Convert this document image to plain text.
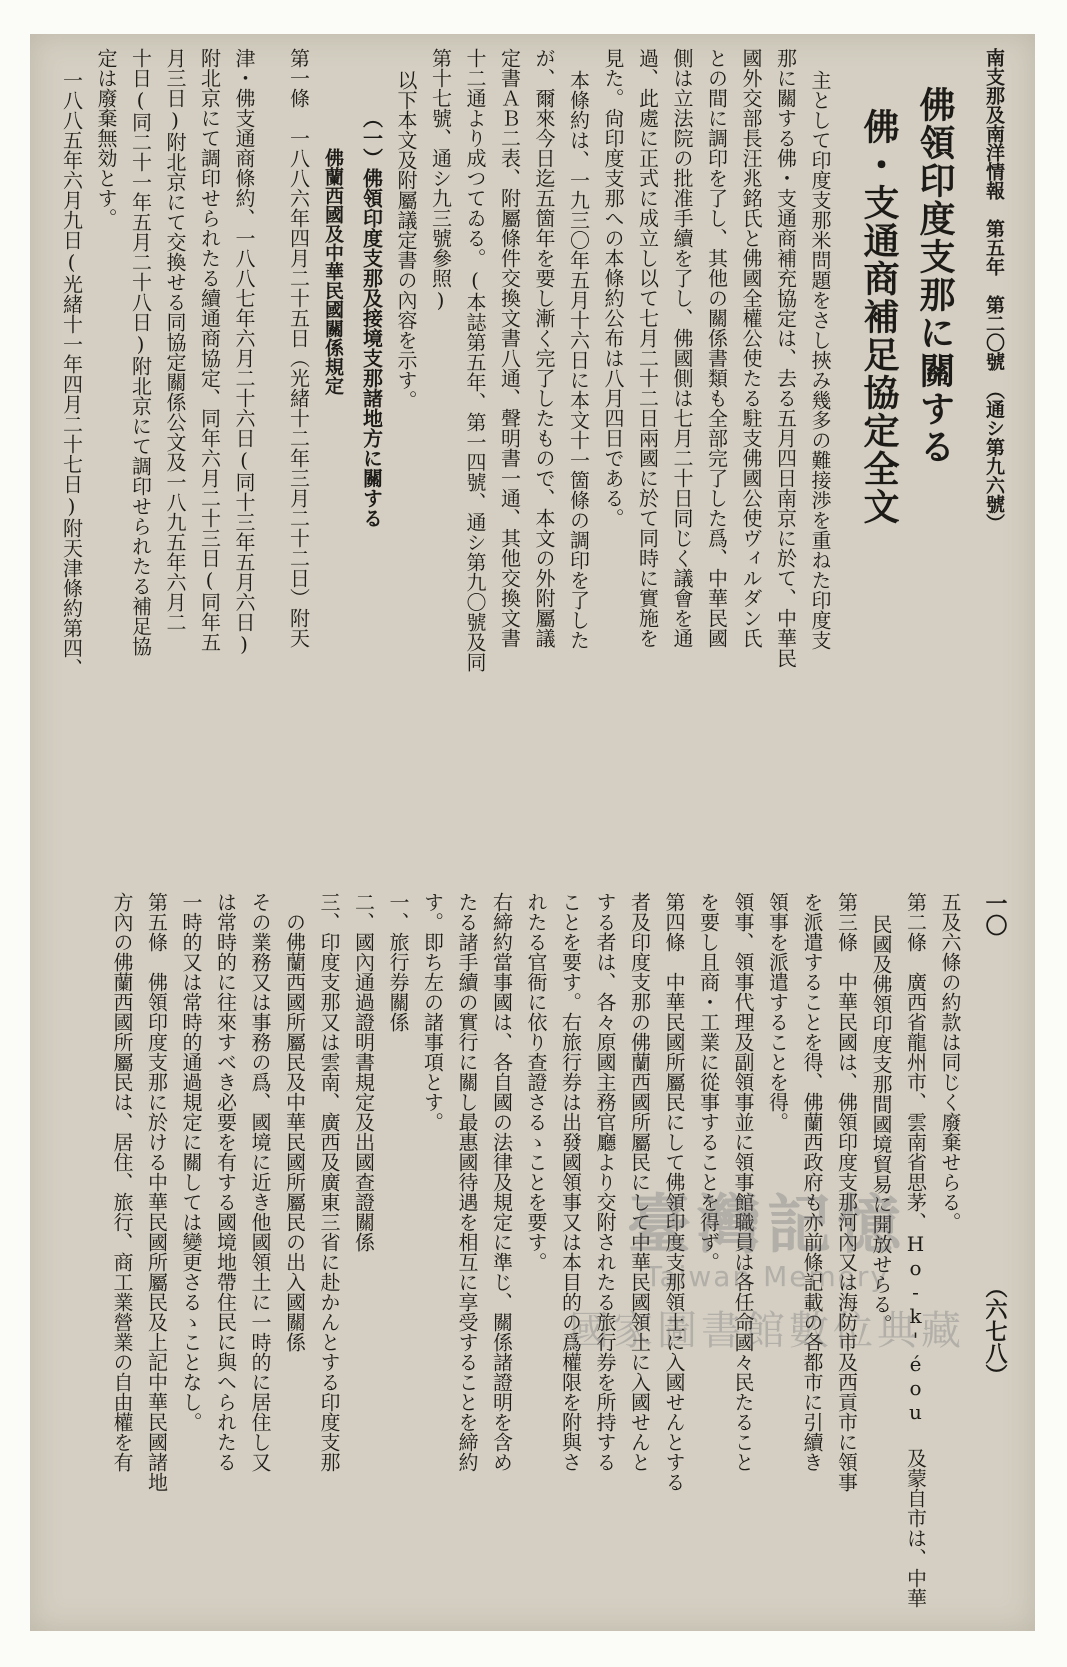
南支那及南洋情報　第五年　第二〇號　（通シ第九六號）

佛領印度支那に關する

佛・支通商補足協定全文

主として印度支那米問題をさし挾み幾多の難接渉を重ねた印度支

那に關する佛・支通商補充協定は、去る五月四日南京に於て、中華民

國外交部長汪兆銘氏と佛國全權公使たる駐支佛國公使ヴィルダン氏

との間に調印を了し、其他の關係書類も全部完了した爲、中華民國

側は立法院の批准手續を了し、佛國側は七月二十日同じく議會を通

過、此處に正式に成立し以て七月二十二日兩國に於て同時に實施を

見た。尙印度支那への本條約公布は八月四日である。

本條約は、一九三〇年五月十六日に本文十一箇條の調印を了した

が、爾來今日迄五箇年を要し漸く完了したもので、本文の外附屬議

定書ＡＢ二表、附屬條件交換文書八通、聲明書一通、其他交換文書

十二通より成つてゐる。(本誌第五年、第一四號、通シ第九〇號及同

第十七號、通シ九三號參照)

以下本文及附屬議定書の內容を示す。

（一）佛領印度支那及接境支那諸地方に關する

佛蘭西國及中華民國關係規定

第一條　一八八六年四月二十五日（光緒十二年三月二十二日）附天

津・佛支通商條約、一八八七年六月二十六日(同十三年五月六日)

附北京にて調印せられたる續通商協定、同年六月二十三日(同年五

月三日)附北京にて交換せる同協定關係公文及一八九五年六月二

十日(同二十一年五月二十八日)附北京にて調印せられたる補足協

定は廢棄無効とす。

一八八五年六月九日(光緒十一年四月二十七日)附天津條約第四、

一〇（六七八）

五及六條の約款は同じく廢棄せらる。

第二條　廣西省龍州市、雲南省思茅、Ho-k'éou 及蒙自市は、中華

民國及佛領印度支那間國境貿易に開放せらる。

第三條　中華民國は、佛領印度支那河內又は海防市及西貢市に領事

を派遣することを得、佛蘭西政府も亦前條記載の各都市に引續き

領事を派遣することを得。

領事、領事代理及副領事並に領事館職員は各任命國々民たること

を要し且商・工業に從事することを得ず。

第四條　中華民國所屬民にして佛領印度支那領土に入國せんとする

者及印度支那の佛蘭西國所屬民にして中華民國領土に入國せんと

する者は、各々原國主務官廳より交附されたる旅行券を所持する

ことを要す。右旅行券は出發國領事又は本目的の爲權限を附與さ

れたる官衙に依り查證さるゝことを要す。

右締約當事國は、各自國の法律及規定に準じ、關係諸證明を含め

たる諸手續の實行に關し最惠國待遇を相互に享受することを締約

す。即ち左の諸事項とす。

一、旅行券關係

二、國內通過證明書規定及出國查證關係

三、印度支那又は雲南、廣西及廣東三省に赴かんとする印度支那

　の佛蘭西國所屬民及中華民國所屬民の出入國關係

その業務又は事務の爲、國境に近き他國領土に一時的に居住し又

は常時的に往來すべき必要を有する國境地帶住民に與へられたる

一時的又は常時的通過規定に關しては變更さるゝことなし。

第五條　佛領印度支那に於ける中華民國所屬民及上記中華民國諸地

方內の佛蘭西國所屬民は、居住、旅行、商工業營業の自由權を有	臺灣記憶
Taiwan Memory
國家圖書館數位典藏
